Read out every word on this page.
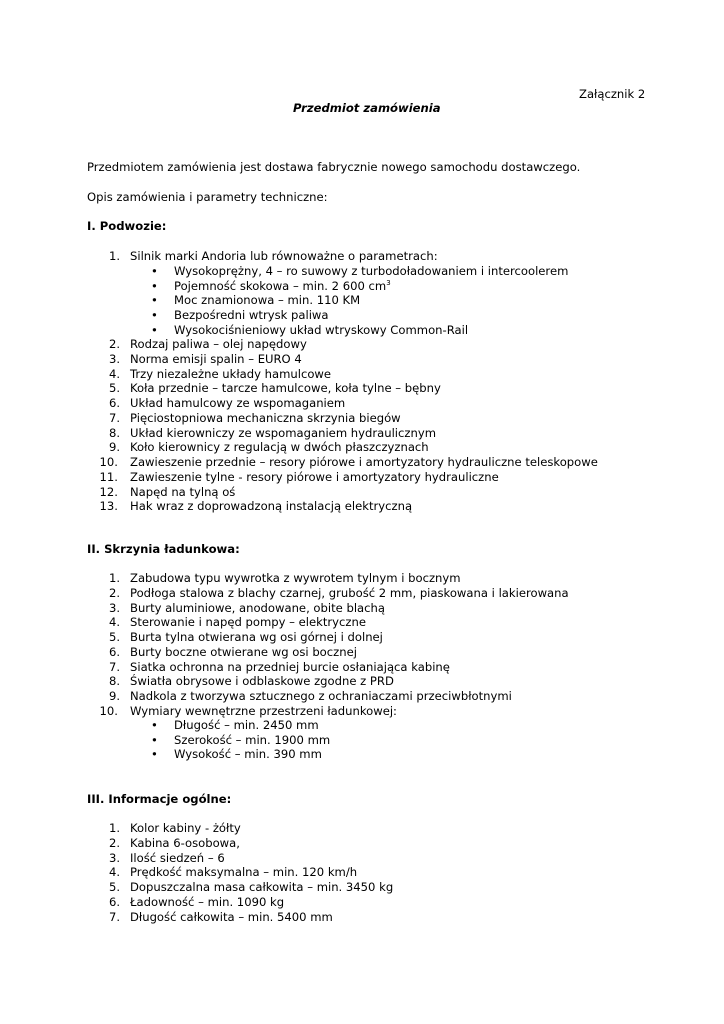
Załącznik 2
Przedmiot zamówienia
Przedmiotem zamówienia jest dostawa fabrycznie nowego samochodu dostawczego.
Opis zamówienia i parametry techniczne:
I. Podwozie:
1. Silnik marki Andoria lub równoważne o parametrach:
• Wysokoprężny, 4 – ro suwowy z turbodoładowaniem i intercoolerem
• Pojemność skokowa – min. 2 600 $cm^3$
• Moc znamionowa – min. 110 KM
• Bezpośredni wtrysk paliwa
• Wysokociśnieniowy układ wtryskowy Common-Rail
2. Rodzaj paliwa – olej napędowy
3. Norma emisji spalin – EURO 4
4. Trzy niezależne układy hamulcowe
5. Koła przednie – tarcze hamulcowe, koła tylne – bębny
6. Układ hamulcowy ze wspomaganiem
7. Pięciostopniowa mechaniczna skrzynia biegów
8. Układ kierowniczy ze wspomaganiem hydraulicznym
9. Koło kierownicy z regulacją w dwóch płaszczyznach
10. Zawieszenie przednie – resory piórowe i amortyzatory hydrauliczne teleskopowe
11. Zawieszenie tylne - resory piórowe i amortyzatory hydrauliczne
12. Napęd na tylną oś
13. Hak wraz z doprowadzoną instalacją elektryczną
II. Skrzynia ładunkowa:
1. Zabudowa typu wywrotka z wywrotem tylnym i bocznym
2. Podłoga stalowa z blachy czarnej, grubość 2 mm, piaskowana i lakierowana
3. Burty aluminiowe, anodowane, obite blachą
4. Sterowanie i napęd pompy – elektryczne
5. Burta tylna otwierana wg osi górnej i dolnej
6. Burty boczne otwierane wg osi bocznej
7. Siatka ochronna na przedniej burcie osłaniająca kabinę
8. Światła obrysowe i odblaskowe zgodne z PRD
9. Nadkola z tworzywa sztucznego z ochraniaczami przeciwbłotnymi
10. Wymiary wewnętrzne przestrzeni ładunkowej:
• Długość – min. 2450 mm
• Szerokość – min. 1900 mm
• Wysokość – min. 390 mm
III. Informacje ogólne:
1. Kolor kabiny - żółty
2. Kabina 6-osobowa,
3. Ilość siedzeń – 6
4. Prędkość maksymalna – min. 120 km/h
5. Dopuszczalna masa całkowita – min. 3450 kg
6. Ładowność – min. 1090 kg
7. Długość całkowita – min. 5400 mm
